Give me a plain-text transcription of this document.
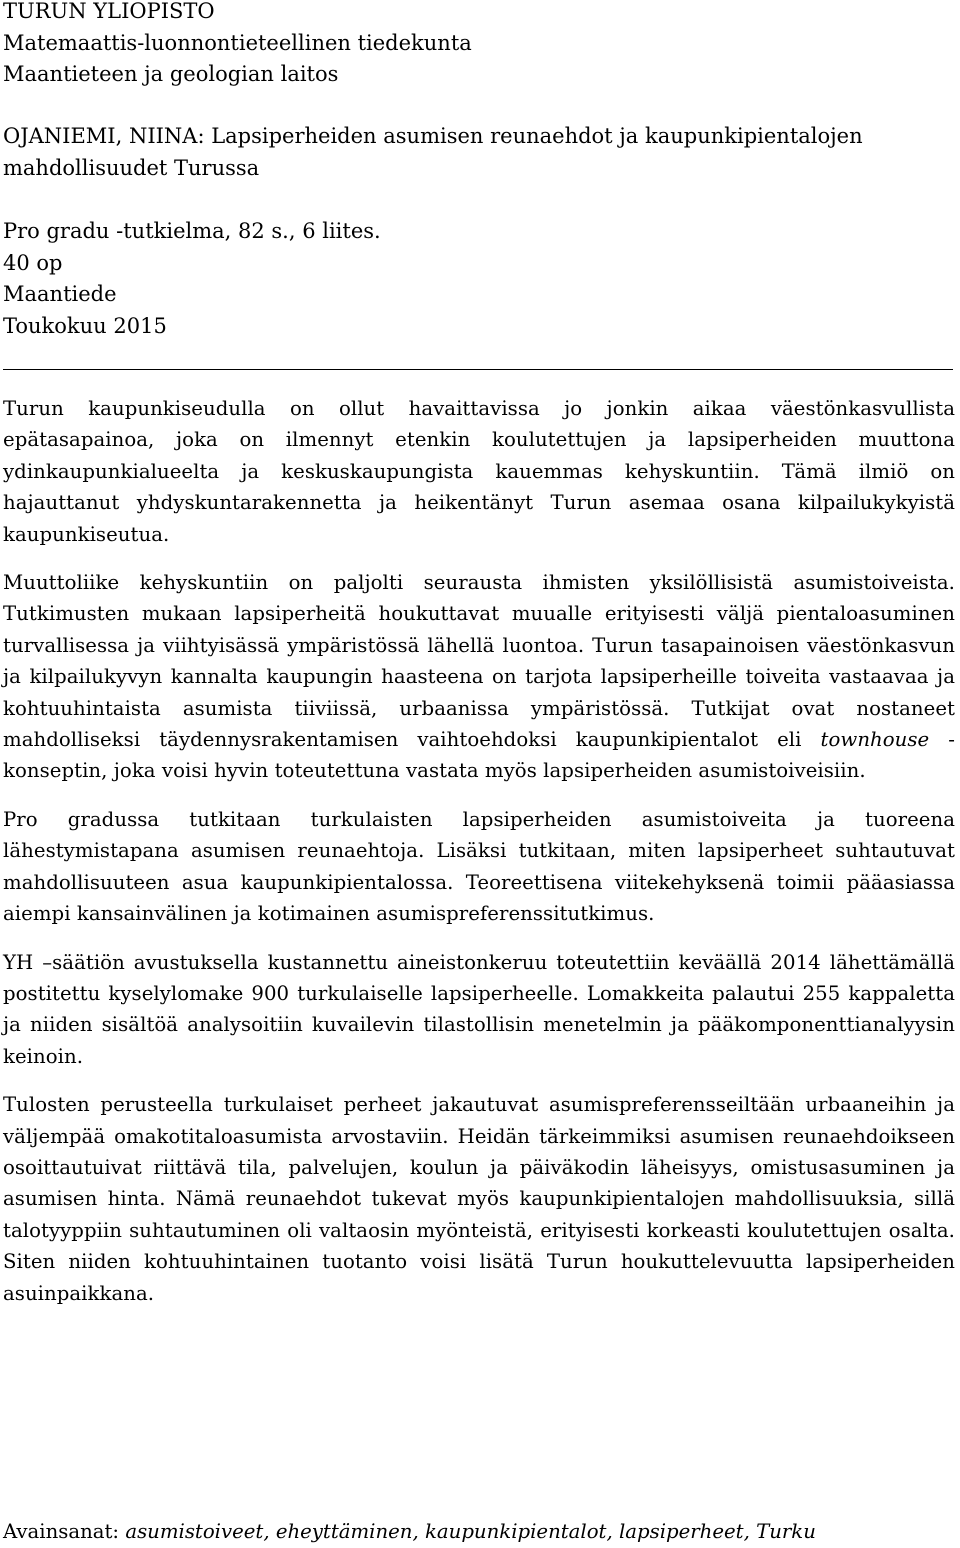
TURUN YLIOPISTO

Matemaattis-luonnontieteellinen tiedekunta

Maantieteen ja geologian laitos

OJANIEMI, NIINA: Lapsiperheiden asumisen reunaehdot ja kaupunkipientalojen

mahdollisuudet Turussa

Pro gradu -tutkielma, 82 s., 6 liites.

40 op

Maantiede

Toukokuu 2015

Turun kaupunkiseudulla on ollut havaittavissa jo jonkin aikaa väestönkasvullista epätasapainoa, joka on ilmennyt etenkin koulutettujen ja lapsiperheiden muuttona ydinkaupunkialueelta ja keskuskaupungista kauemmas kehyskuntiin. Tämä ilmiö on hajauttanut yhdyskuntarakennetta ja heikentänyt Turun asemaa osana kilpailukykyistä kaupunkiseutua.

Muuttoliike kehyskuntiin on paljolti seurausta ihmisten yksilöllisistä asumistoiveista. Tutkimusten mukaan lapsiperheitä houkuttavat muualle erityisesti väljä pientaloasuminen turvallisessa ja viihtyisässä ympäristössä lähellä luontoa. Turun tasapainoisen väestönkasvun ja kilpailukyvyn kannalta kaupungin haasteena on tarjota lapsiperheille toiveita vastaavaa ja kohtuuhintaista asumista tiiviissä, urbaanissa ympäristössä. Tutkijat ovat nostaneet mahdolliseksi täydennysrakentamisen vaihtoehdoksi kaupunkipientalot eli townhouse -konseptin, joka voisi hyvin toteutettuna vastata myös lapsiperheiden asumistoiveisiin.

Pro gradussa tutkitaan turkulaisten lapsiperheiden asumistoiveita ja tuoreena lähestymistapana asumisen reunaehtoja. Lisäksi tutkitaan, miten lapsiperheet suhtautuvat mahdollisuuteen asua kaupunkipientalossa. Teoreettisena viitekehyksenä toimii pääasiassa aiempi kansainvälinen ja kotimainen asumispreferenssitutkimus.

YH –säätiön avustuksella kustannettu aineistonkeruu toteutettiin keväällä 2014 lähettämällä postitettu kyselylomake 900 turkulaiselle lapsiperheelle. Lomakkeita palautui 255 kappaletta ja niiden sisältöä analysoitiin kuvailevin tilastollisin menetelmin ja pääkomponenttianalyysin keinoin.

Tulosten perusteella turkulaiset perheet jakautuvat asumispreferensseiltään urbaaneihin ja väljempää omakotitaloasumista arvostaviin. Heidän tärkeimmiksi asumisen reunaehdoikseen osoittautuivat riittävä tila, palvelujen, koulun ja päiväkodin läheisyys, omistusasuminen ja asumisen hinta. Nämä reunaehdot tukevat myös kaupunkipientalojen mahdollisuuksia, sillä talotyyppiin suhtautuminen oli valtaosin myönteistä, erityisesti korkeasti koulutettujen osalta. Siten niiden kohtuuhintainen tuotanto voisi lisätä Turun houkuttelevuutta lapsiperheiden asuinpaikkana.

Avainsanat: asumistoiveet, eheyttäminen, kaupunkipientalot, lapsiperheet, Turku
